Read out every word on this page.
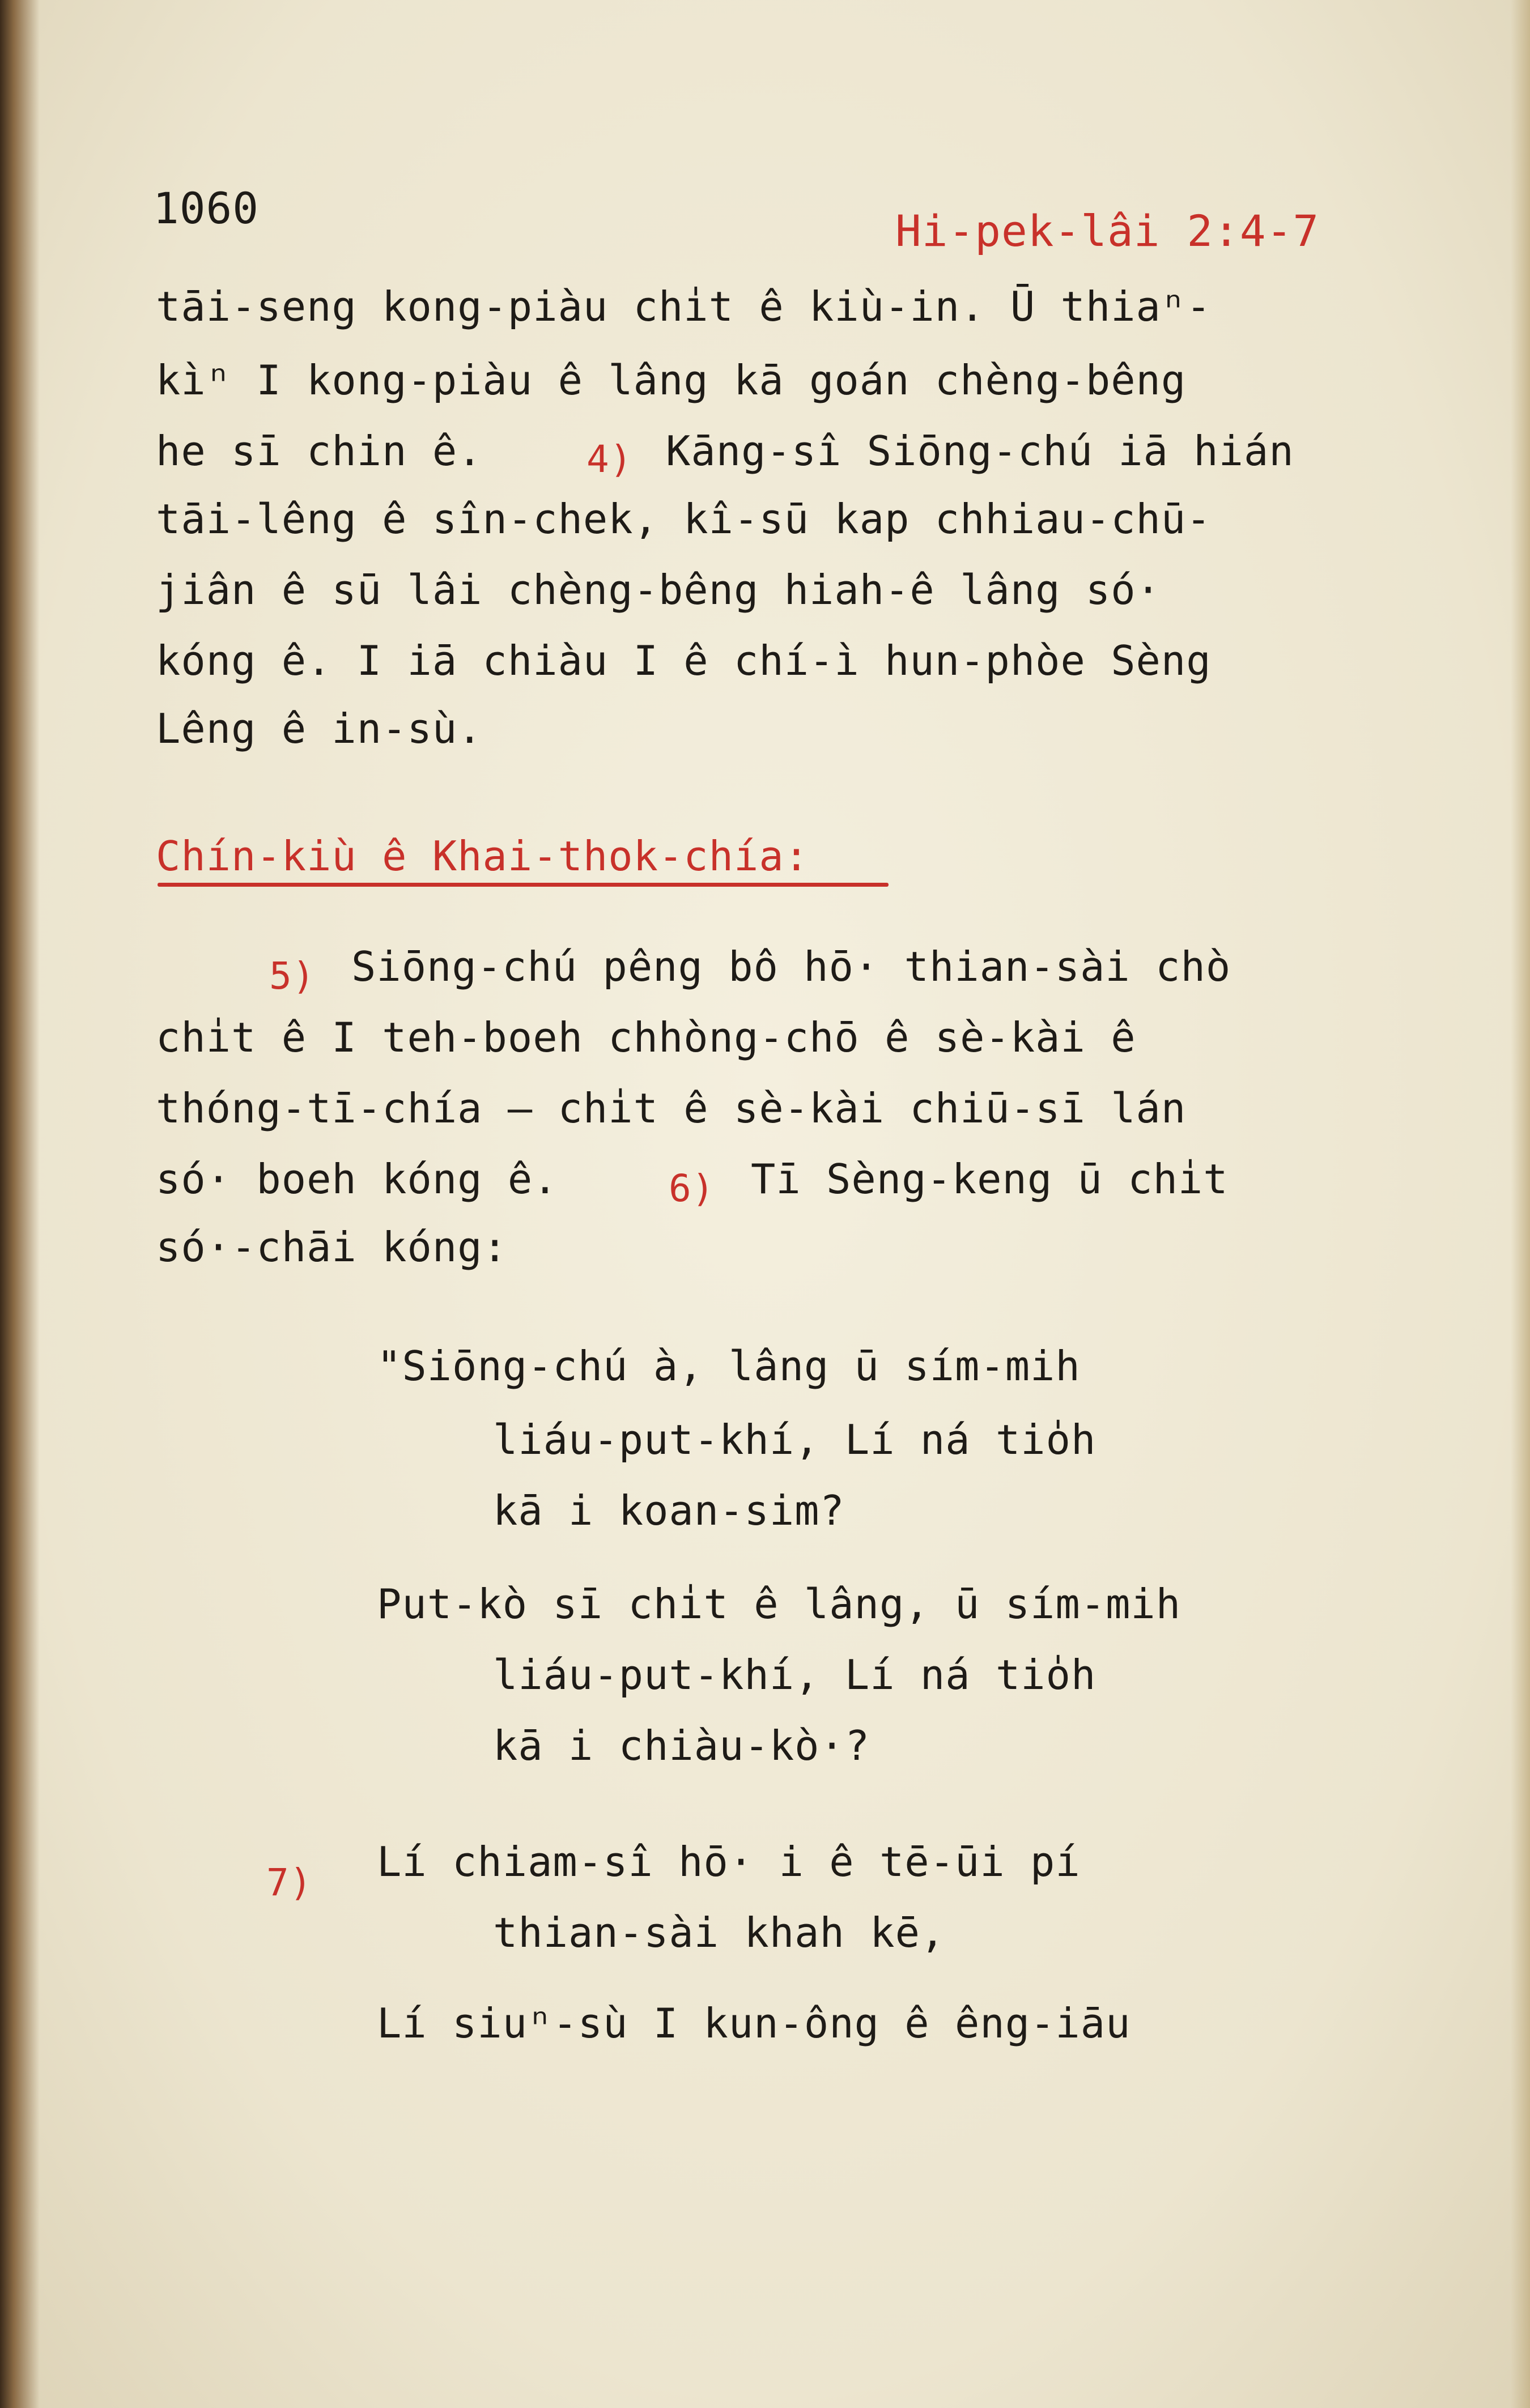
1060	Hi-pek-lâi 2:4-7
tāi-seng kong-piàu chi̍t ê kiù-in. Ū thiaⁿ-
kìⁿ I kong-piàu ê lâng kā goán chèng-bêng
he sī chin ê.	4) Kāng-sî Siōng-chú iā hián
tāi-lêng ê sîn-chek, kî-sū kap chhiau-chū-
jiân ê sū lâi chèng-bêng hiah-ê lâng só·
kóng ê. I iā chiàu I ê chí-ì hun-phòe Sèng
Lêng ê in-sù.
Chín-kiù ê Khai-thok-chía:
5) Siōng-chú pêng bô hō· thian-sài chò
chi̍t ê I teh-boeh chhòng-chō ê sè-kài ê
thóng-tī-chía — chi̍t ê sè-kài chiū-sī lán
só· boeh kóng ê.	6) Tī Sèng-keng ū chi̍t
só·-chāi kóng:
"Siōng-chú à, lâng ū sím-mih
liáu-put-khí, Lí ná tio̍h
kā i koan-sim?
Put-kò sī chi̍t ê lâng, ū sím-mih
liáu-put-khí, Lí ná tio̍h
kā i chiàu-kò·?
7) Lí chiam-sî hō· i ê tē-ūi pí
thian-sài khah kē,
Lí siuⁿ-sù I kun-ông ê êng-iāu
